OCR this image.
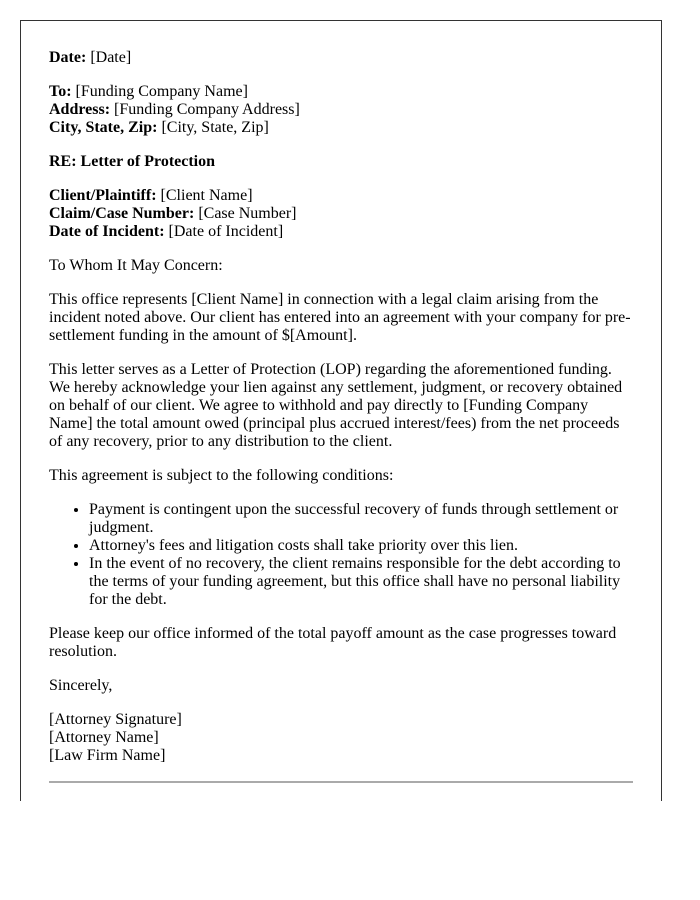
Date: [Date]

To: [Funding Company Name]
Address: [Funding Company Address]
City, State, Zip: [City, State, Zip]

RE: Letter of Protection

Client/Plaintiff: [Client Name]
Claim/Case Number: [Case Number]
Date of Incident: [Date of Incident]

To Whom It May Concern:

This office represents [Client Name] in connection with a legal claim arising from the incident noted above. Our client has entered into an agreement with your company for pre-settlement funding in the amount of $[Amount].

This letter serves as a Letter of Protection (LOP) regarding the aforementioned funding. We hereby acknowledge your lien against any settlement, judgment, or recovery obtained on behalf of our client. We agree to withhold and pay directly to [Funding Company Name] the total amount owed (principal plus accrued interest/fees) from the net proceeds of any recovery, prior to any distribution to the client.

This agreement is subject to the following conditions:

• Payment is contingent upon the successful recovery of funds through settlement or judgment.
• Attorney's fees and litigation costs shall take priority over this lien.
• In the event of no recovery, the client remains responsible for the debt according to the terms of your funding agreement, but this office shall have no personal liability for the debt.

Please keep our office informed of the total payoff amount as the case progresses toward resolution.

Sincerely,

[Attorney Signature]
[Attorney Name]
[Law Firm Name]
